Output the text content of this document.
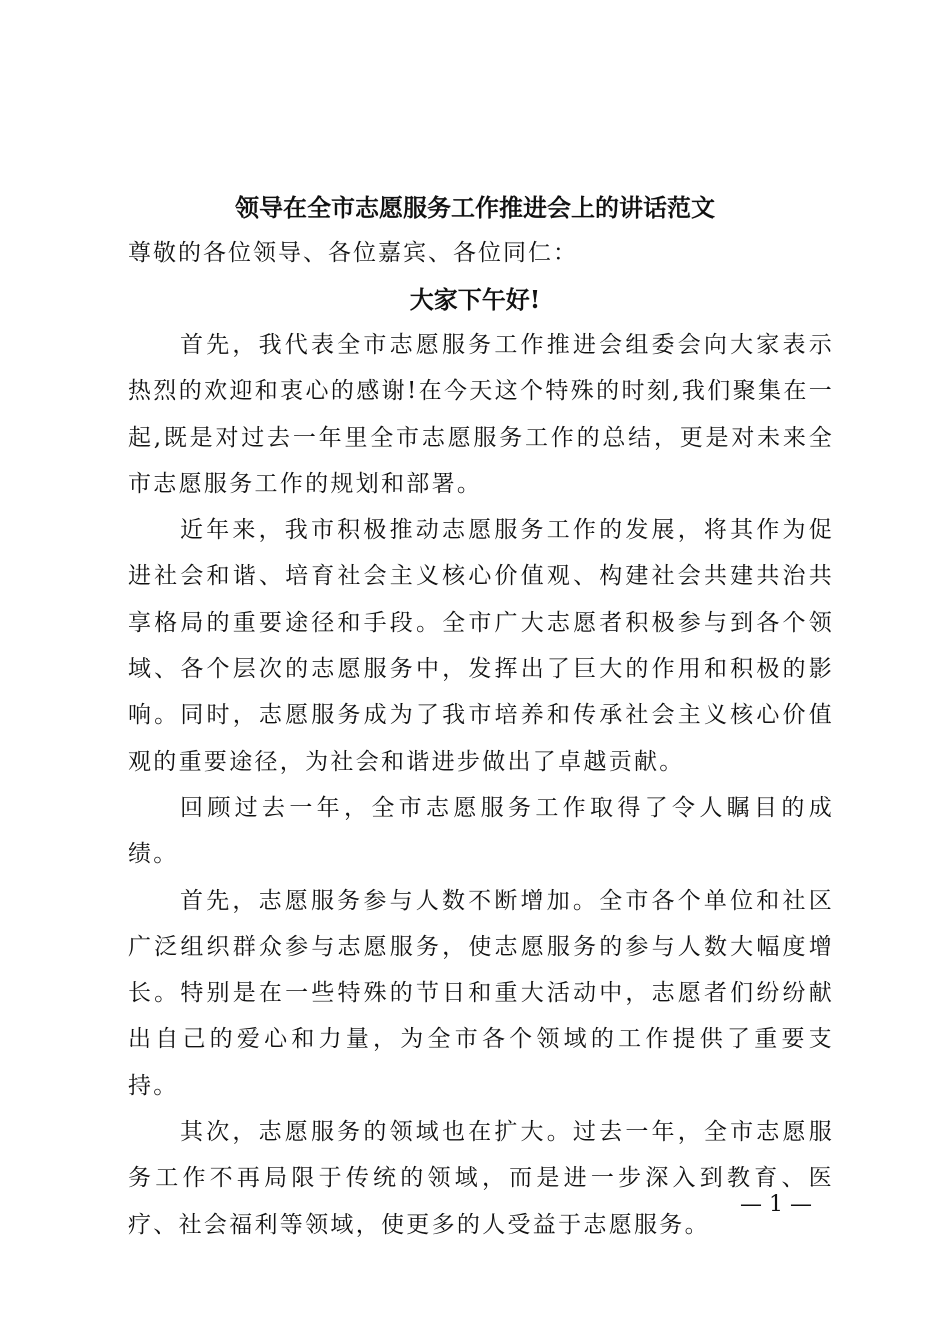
领导在全市志愿服务工作推进会上的讲话范文
尊敬的各位领导、各位嘉宾、各位同仁：
大家下午好!

首先，我代表全市志愿服务工作推进会组委会向大家表示热烈的欢迎和衷心的感谢!在今天这个特殊的时刻,我们聚集在一起,既是对过去一年里全市志愿服务工作的总结，更是对未来全市志愿服务工作的规划和部署。

近年来，我市积极推动志愿服务工作的发展，将其作为促进社会和谐、培育社会主义核心价值观、构建社会共建共治共享格局的重要途径和手段。全市广大志愿者积极参与到各个领域、各个层次的志愿服务中，发挥出了巨大的作用和积极的影响。同时，志愿服务成为了我市培养和传承社会主义核心价值观的重要途径，为社会和谐进步做出了卓越贡献。

回顾过去一年，全市志愿服务工作取得了令人瞩目的成绩。

首先，志愿服务参与人数不断增加。全市各个单位和社区广泛组织群众参与志愿服务，使志愿服务的参与人数大幅度增长。特别是在一些特殊的节日和重大活动中，志愿者们纷纷献出自己的爱心和力量，为全市各个领域的工作提供了重要支持。

其次，志愿服务的领域也在扩大。过去一年，全市志愿服务工作不再局限于传统的领域，而是进一步深入到教育、医疗、社会福利等领域，使更多的人受益于志愿服务。

— 1 —
